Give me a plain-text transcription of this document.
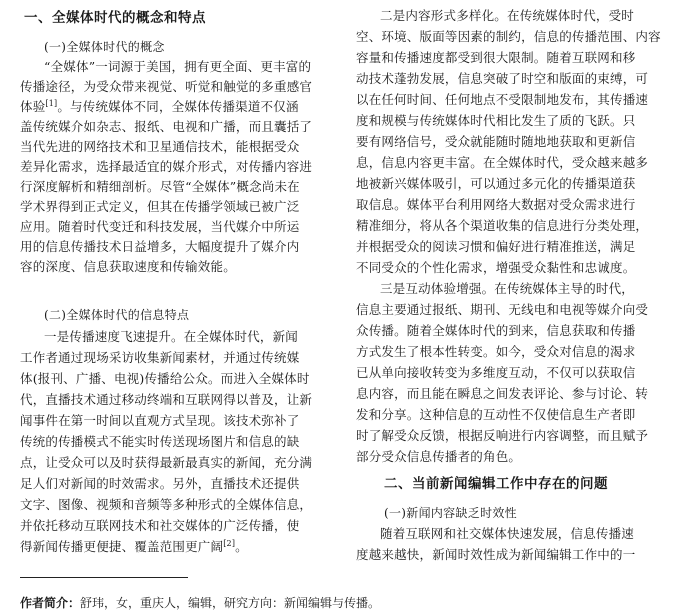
一、全媒体时代的概念和特点
(一)全媒体时代的概念
“全媒体”一词源于美国，拥有更全面、更丰富的
传播途径，为受众带来视觉、听觉和触觉的多重感官
体验[1]。与传统媒体不同，全媒体传播渠道不仅涵
盖传统媒介如杂志、报纸、电视和广播，而且囊括了
当代先进的网络技术和卫星通信技术，能根据受众
差异化需求，选择最适宜的媒介形式，对传播内容进
行深度解析和精细剖析。尽管“全媒体”概念尚未在
学术界得到正式定义，但其在传播学领域已被广泛
应用。随着时代变迁和科技发展，当代媒介中所运
用的信息传播技术日益增多，大幅度提升了媒介内
容的深度、信息获取速度和传输效能。
(二)全媒体时代的信息特点
一是传播速度飞速提升。在全媒体时代，新闻
工作者通过现场采访收集新闻素材，并通过传统媒
体(报刊、广播、电视)传播给公众。而进入全媒体时
代，直播技术通过移动终端和互联网得以普及，让新
闻事件在第一时间以直观方式呈现。该技术弥补了
传统的传播模式不能实时传送现场图片和信息的缺
点，让受众可以及时获得最新最真实的新闻，充分满
足人们对新闻的时效需求。另外，直播技术还提供
文字、图像、视频和音频等多种形式的全媒体信息，
并依托移动互联网技术和社交媒体的广泛传播，使
得新闻传播更便捷、覆盖范围更广阔[2]。
二是内容形式多样化。在传统媒体时代，受时
空、环境、版面等因素的制约，信息的传播范围、内容
容量和传播速度都受到很大限制。随着互联网和移
动技术蓬勃发展，信息突破了时空和版面的束缚，可
以在任何时间、任何地点不受限制地发布，其传播速
度和规模与传统媒体时代相比发生了质的飞跃。只
要有网络信号，受众就能随时随地地获取和更新信
息，信息内容更丰富。在全媒体时代，受众越来越多
地被新兴媒体吸引，可以通过多元化的传播渠道获
取信息。媒体平台利用网络大数据对受众需求进行
精准细分，将从各个渠道收集的信息进行分类处理，
并根据受众的阅读习惯和偏好进行精准推送，满足
不同受众的个性化需求，增强受众黏性和忠诚度。
三是互动体验增强。在传统媒体主导的时代，
信息主要通过报纸、期刊、无线电和电视等媒介向受
众传播。随着全媒体时代的到来，信息获取和传播
方式发生了根本性转变。如今，受众对信息的渴求
已从单向接收转变为多维度互动，不仅可以获取信
息内容，而且能在瞬息之间发表评论、参与讨论、转
发和分享。这种信息的互动性不仅使信息生产者即
时了解受众反馈，根据反响进行内容调整，而且赋予
部分受众信息传播者的角色。
二、当前新闻编辑工作中存在的问题
(一)新闻内容缺乏时效性
随着互联网和社交媒体快速发展，信息传播速
度越来越快，新闻时效性成为新闻编辑工作中的一
作者简介：舒玮，女，重庆人，编辑，研究方向：新闻编辑与传播。
